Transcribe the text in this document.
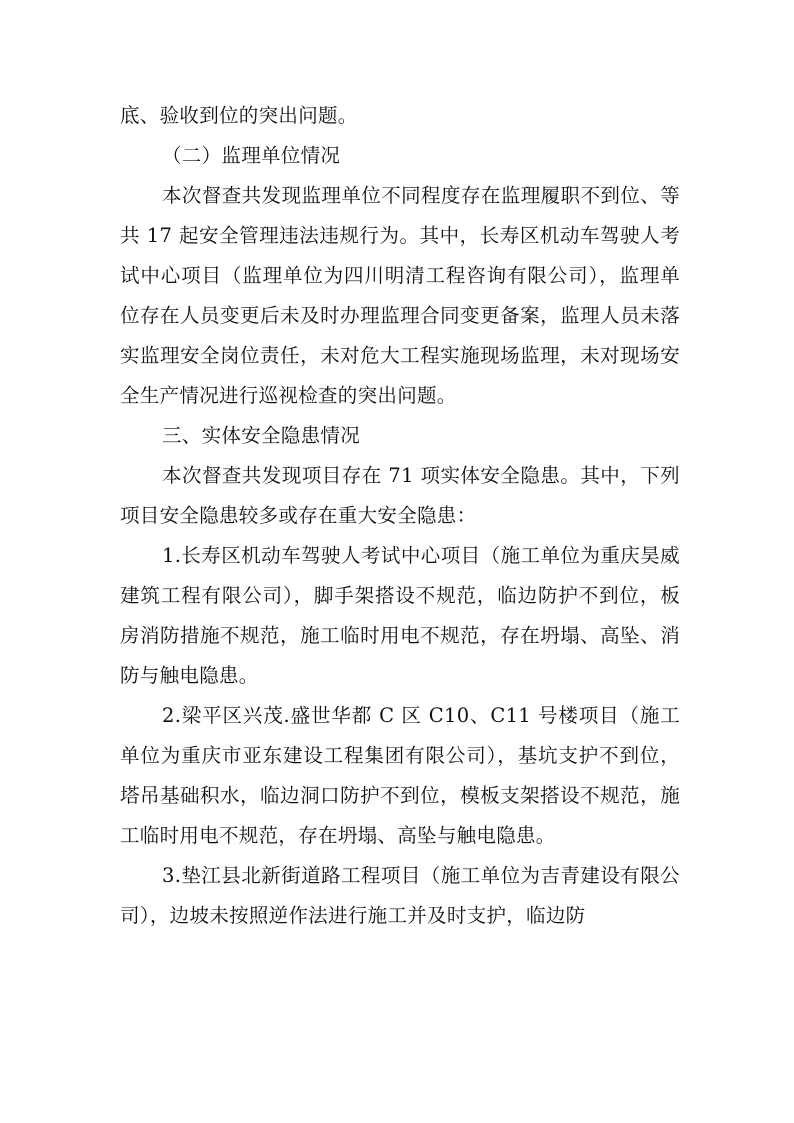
底、验收到位的突出问题。

（二）监理单位情况

本次督查共发现监理单位不同程度存在监理履职不到位、等共 17 起安全管理违法违规行为。其中，长寿区机动车驾驶人考试中心项目（监理单位为四川明清工程咨询有限公司），监理单位存在人员变更后未及时办理监理合同变更备案，监理人员未落实监理安全岗位责任，未对危大工程实施现场监理，未对现场安全生产情况进行巡视检查的突出问题。

三、实体安全隐患情况

本次督查共发现项目存在 71 项实体安全隐患。其中，下列项目安全隐患较多或存在重大安全隐患：

1.长寿区机动车驾驶人考试中心项目（施工单位为重庆昊威建筑工程有限公司），脚手架搭设不规范，临边防护不到位，板房消防措施不规范，施工临时用电不规范，存在坍塌、高坠、消防与触电隐患。

2.梁平区兴茂.盛世华都 C 区 C10、C11 号楼项目（施工单位为重庆市亚东建设工程集团有限公司），基坑支护不到位，塔吊基础积水，临边洞口防护不到位，模板支架搭设不规范，施工临时用电不规范，存在坍塌、高坠与触电隐患。

3.垫江县北新街道路工程项目（施工单位为吉青建设有限公司），边坡未按照逆作法进行施工并及时支护，临边防
